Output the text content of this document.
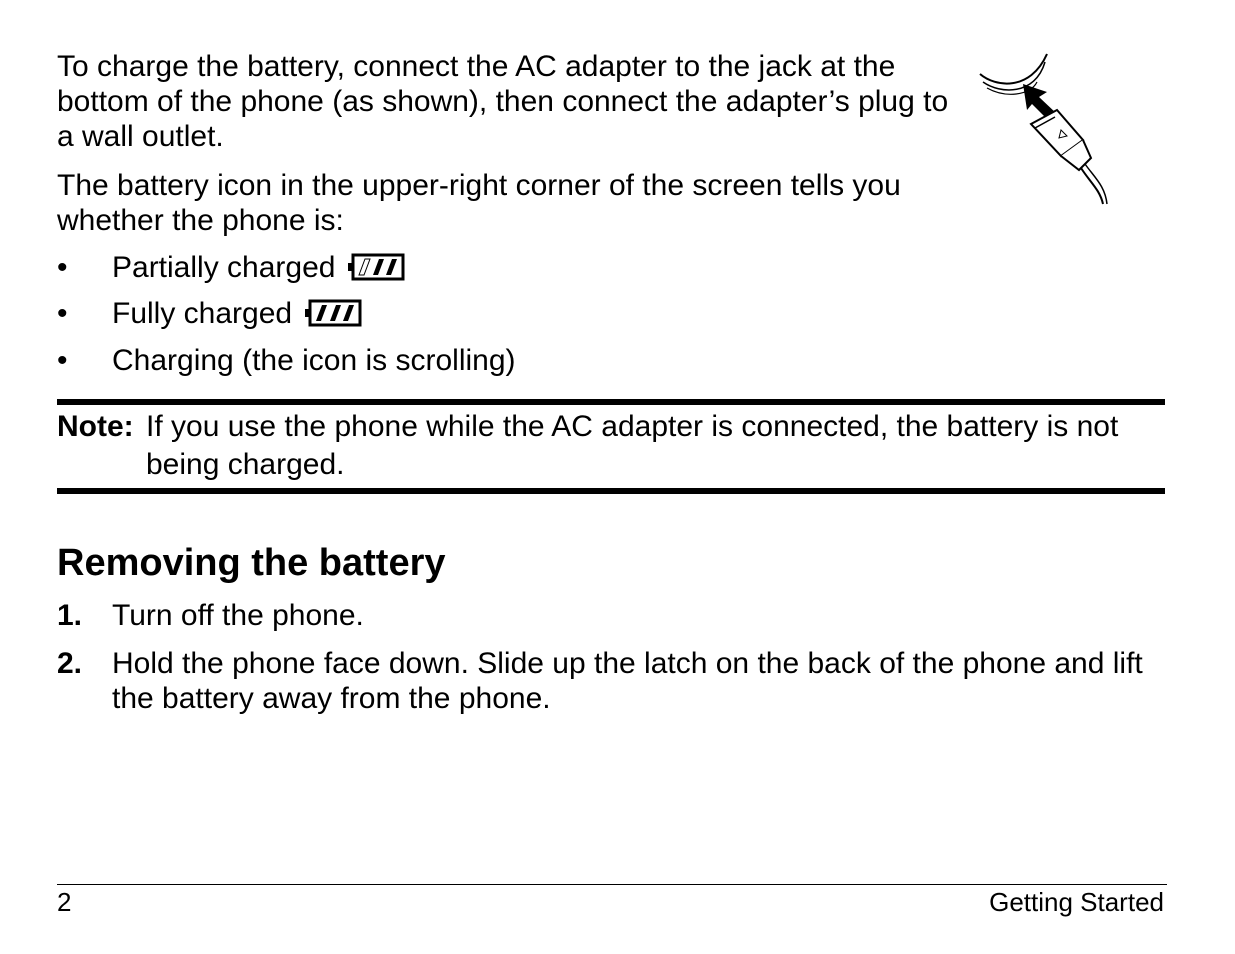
To charge the battery, connect the AC adapter to the jack at the bottom of the phone (as shown), then connect the adapter’s plug to a wall outlet.

The battery icon in the upper-right corner of the screen tells you whether the phone is:

•	Partially charged
•	Fully charged
•	Charging (the icon is scrolling)
Note: If you use the phone while the AC adapter is connected, the battery is not being charged.
Removing the battery
1. Turn off the phone.
2. Hold the phone face down. Slide up the latch on the back of the phone and lift the battery away from the phone.
2	Getting Started
